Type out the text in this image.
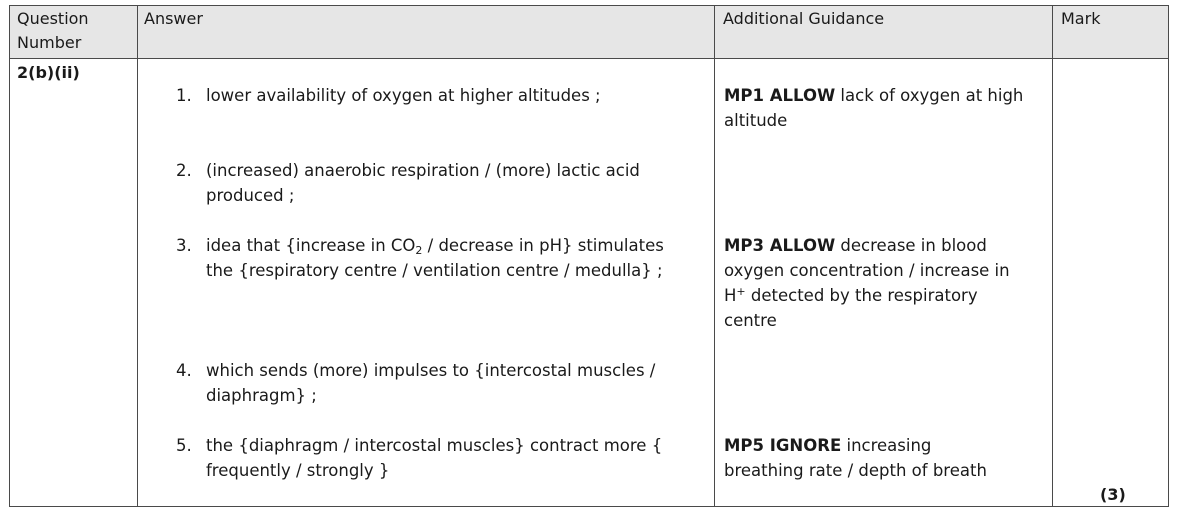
Question
Number
Answer	Additional Guidance	Mark
2(b)(ii)
1. lower availability of oxygen at higher altitudes ;
2. (increased) anaerobic respiration / (more) lactic acid produced ;
3. idea that {increase in $CO_2$ / decrease in pH} stimulates the {respiratory centre / ventilation centre / medulla} ;
4. which sends (more) impulses to {intercostal muscles / diaphragm} ;
5. the {diaphragm / intercostal muscles} contract more { frequently / strongly }
MP1 ALLOW lack of oxygen at high altitude
MP3 ALLOW decrease in blood oxygen concentration / increase in H+ detected by the respiratory centre
MP5 IGNORE increasing breathing rate / depth of breath
(3)
